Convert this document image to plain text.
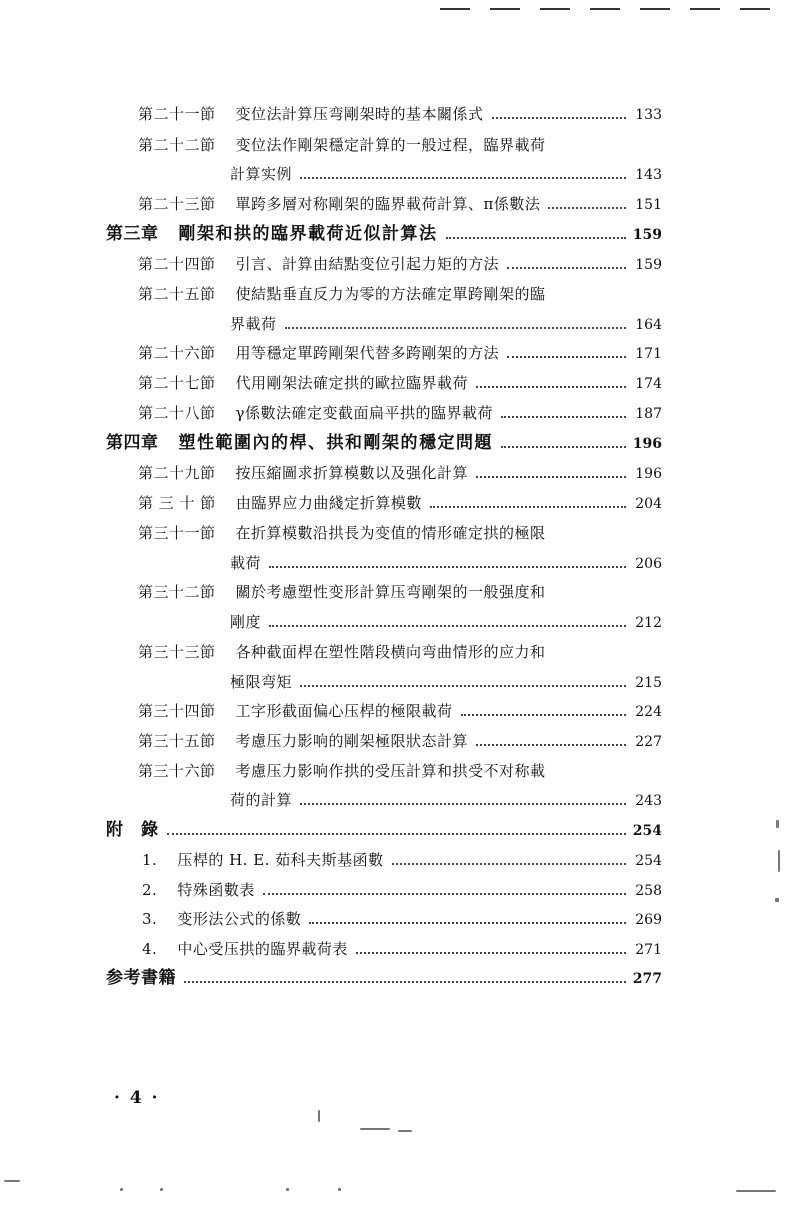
第二十一節 变位法計算压弯剛架時的基本關係式	133
第二十二節 变位法作剛架穩定計算的一般过程，臨界載荷
計算实例	143
第二十三節 單跨多層对称剛架的臨界載荷計算、π係數法	151
第三章 剛架和拱的臨界載荷近似計算法	159
第二十四節 引言、計算由結點变位引起力矩的方法	159
第二十五節 使結點垂直反力为零的方法確定單跨剛架的臨
界載荷	164
第二十六節 用等穩定單跨剛架代替多跨剛架的方法	171
第二十七節 代用剛架法確定拱的歐拉臨界載荷	174
第二十八節 γ係數法確定变截面扁平拱的臨界載荷	187
第四章 塑性範圍內的桿、拱和剛架的穩定問題	196
第二十九節 按压縮圖求折算模數以及强化計算	196
第 三 十 節 由臨界应力曲綫定折算模數	204
第三十一節 在折算模數沿拱長为变值的情形確定拱的極限
載荷	206
第三十二節 關於考慮塑性变形計算压弯剛架的一般强度和
剛度	212
第三十三節 各种截面桿在塑性階段横向弯曲情形的应力和
極限弯矩	215
第三十四節 工字形截面偏心压桿的極限載荷	224
第三十五節 考慮压力影响的剛架極限狀态計算	227
第三十六節 考慮压力影响作拱的受压計算和拱受不对称載
荷的計算	243
附　錄	254
1. 压桿的 H. E. 茹科夫斯基函數	254
2. 特殊函數表	258
3. 变形法公式的係數	269
4. 中心受压拱的臨界載荷表	271
参考書籍	277
· 4 ·
